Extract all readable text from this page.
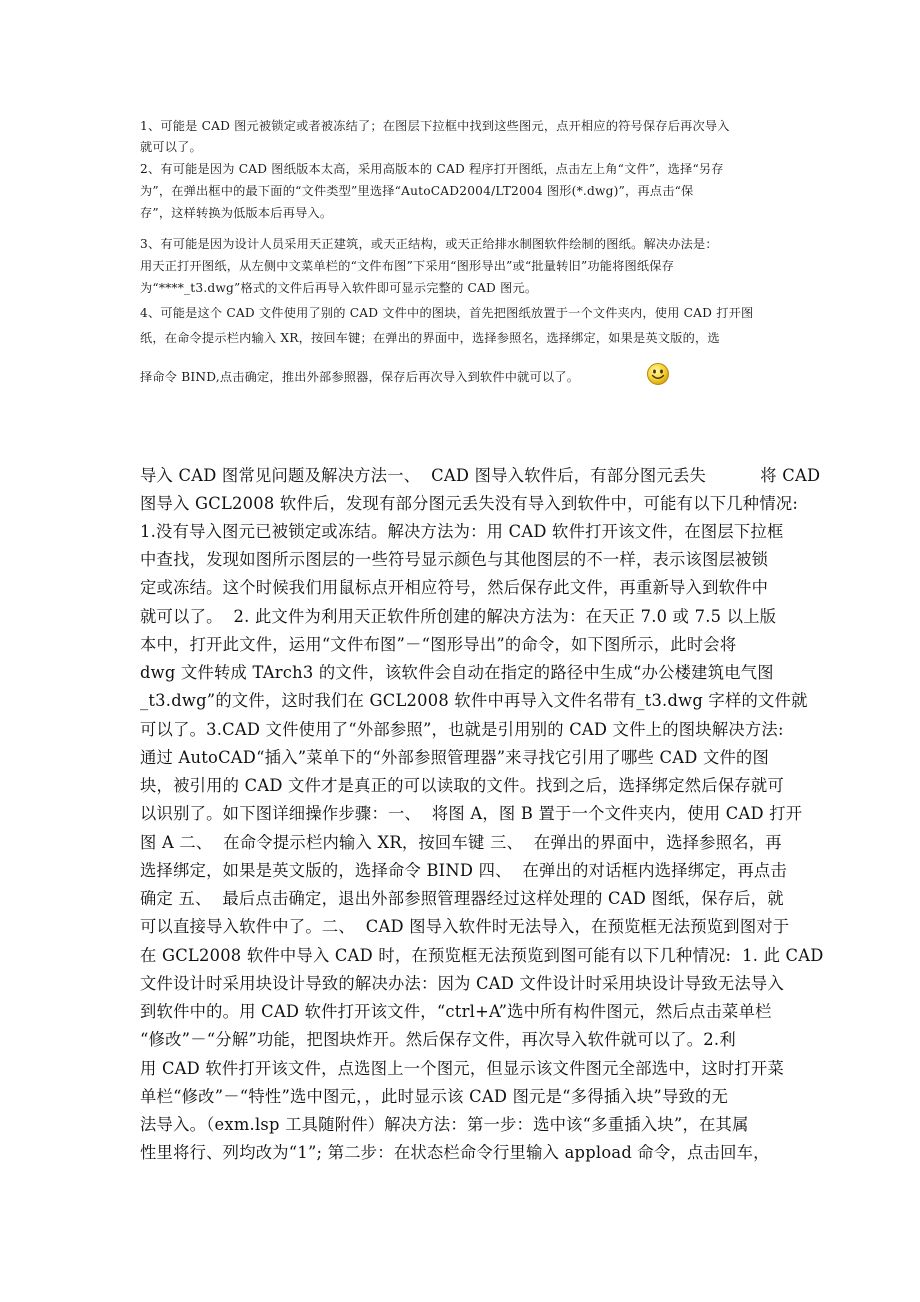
1、可能是 CAD 图元被锁定或者被冻结了；在图层下拉框中找到这些图元，点开相应的符号保存后再次导入
就可以了。
2、有可能是因为 CAD 图纸版本太高，采用高版本的 CAD 程序打开图纸，点击左上角“文件”，选择“另存
为”，在弹出框中的最下面的“文件类型”里选择“AutoCAD2004/LT2004 图形(*.dwg)”，再点击“保
存”，这样转换为低版本后再导入。
3、有可能是因为设计人员采用天正建筑，或天正结构，或天正给排水制图软件绘制的图纸。解决办法是：
用天正打开图纸，从左侧中文菜单栏的“文件布图”下采用“图形导出”或“批量转旧”功能将图纸保存
为“****_t3.dwg”格式的文件后再导入软件即可显示完整的 CAD 图元。
4、可能是这个 CAD 文件使用了别的 CAD 文件中的图块，首先把图纸放置于一个文件夹内，使用 CAD 打开图
纸，在命令提示栏内输入 XR，按回车键；在弹出的界面中，选择参照名，选择绑定，如果是英文版的，选
择命令 BIND,点击确定，推出外部参照器，保存后再次导入到软件中就可以了。
导入 CAD 图常见问题及解决方法一、  CAD 图导入软件后，有部分图元丢失          将 CAD
图导入 GCL2008 软件后，发现有部分图元丢失没有导入到软件中，可能有以下几种情况:
1.没有导入图元已被锁定或冻结。解决方法为：用 CAD 软件打开该文件，在图层下拉框
中查找，发现如图所示图层的一些符号显示颜色与其他图层的不一样，表示该图层被锁
定或冻结。这个时候我们用鼠标点开相应符号，然后保存此文件，再重新导入到软件中
就可以了。  2. 此文件为利用天正软件所创建的解决方法为：在天正 7.0 或 7.5 以上版
本中，打开此文件，运用“文件布图”－“图形导出”的命令，如下图所示，此时会将
dwg 文件转成 TArch3 的文件，该软件会自动在指定的路径中生成“办公楼建筑电气图
_t3.dwg”的文件，这时我们在 GCL2008 软件中再导入文件名带有_t3.dwg 字样的文件就
可以了。3.CAD 文件使用了“外部参照”，也就是引用别的 CAD 文件上的图块解决方法:
通过 AutoCAD“插入”菜单下的“外部参照管理器”来寻找它引用了哪些 CAD 文件的图
块，被引用的 CAD 文件才是真正的可以读取的文件。找到之后，选择绑定然后保存就可
以识别了。如下图详细操作步骤：一、  将图 A，图 B 置于一个文件夹内，使用 CAD 打开
图 A 二、  在命令提示栏内输入 XR，按回车键 三、  在弹出的界面中，选择参照名，再
选择绑定，如果是英文版的，选择命令 BIND 四、  在弹出的对话框内选择绑定，再点击
确定 五、  最后点击确定，退出外部参照管理器经过这样处理的 CAD 图纸，保存后，就
可以直接导入软件中了。二、  CAD 图导入软件时无法导入，在预览框无法预览到图对于
在 GCL2008 软件中导入 CAD 时，在预览框无法预览到图可能有以下几种情况:  1. 此 CAD
文件设计时采用块设计导致的解决办法：因为 CAD 文件设计时采用块设计导致无法导入
到软件中的。用 CAD 软件打开该文件，“ctrl+A”选中所有构件图元，然后点击菜单栏
“修改”－“分解”功能，把图块炸开。然后保存文件，再次导入软件就可以了。2.利
用 CAD 软件打开该文件，点选图上一个图元，但显示该文件图元全部选中，这时打开菜
单栏“修改”－“特性”选中图元，，此时显示该 CAD 图元是“多得插入块”导致的无
法导入。（exm.lsp 工具随附件）解决方法：第一步：选中该“多重插入块”，在其属
性里将行、列均改为“1”; 第二步：在状态栏命令行里输入 appload 命令，点击回车，
